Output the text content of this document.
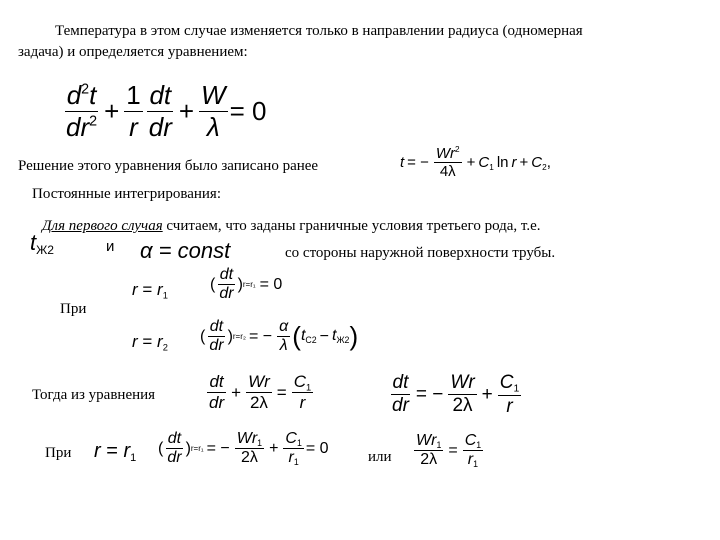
Температура в этом случае изменяется только в направлении радиуса (одномерная
задача) и определяется уравнением:
$\frac{d^2t}{dr^2} + \frac{1}{r} \frac{dt}{dr} + \frac{W}{\lambda} = 0$
Решение этого уравнения было записано ранее	t = − $\frac{Wr^2}{4\lambda} + C_1$ $\ln r + C_2$ ,
Постоянные интегрирования:
Для первого случая считаем, что заданы граничные условия третьего рода, т.е.
$t_{Ж2}$	и α = const	со стороны наружной поверхности трубы.
$r = r_1$
( $\frac{dt}{dr}$ ) r=r₁ = 0
При
$r = r_2$
( $\frac{dt}{dr}$ ) r=r₂ = − $\frac{\alpha}{\lambda}$ ( $t_{C2} - t_{Ж2}$ )
Тогда из уравнения	$\frac{dt}{dr} + \frac{Wr}{2\lambda} = \frac{C_1}{r}$	$\frac{dt}{dr}$ = − $\frac{Wr}{2\lambda} + \frac{C_1}{r}$
При $r = r_1$
( $\frac{dt}{dr}$ ) r=r₁ = − $\frac{Wr_1}{2\lambda} + \frac{C_1}{r_1} = 0$
или $\frac{Wr_1}{2\lambda} = \frac{C_1}{r_1}$
